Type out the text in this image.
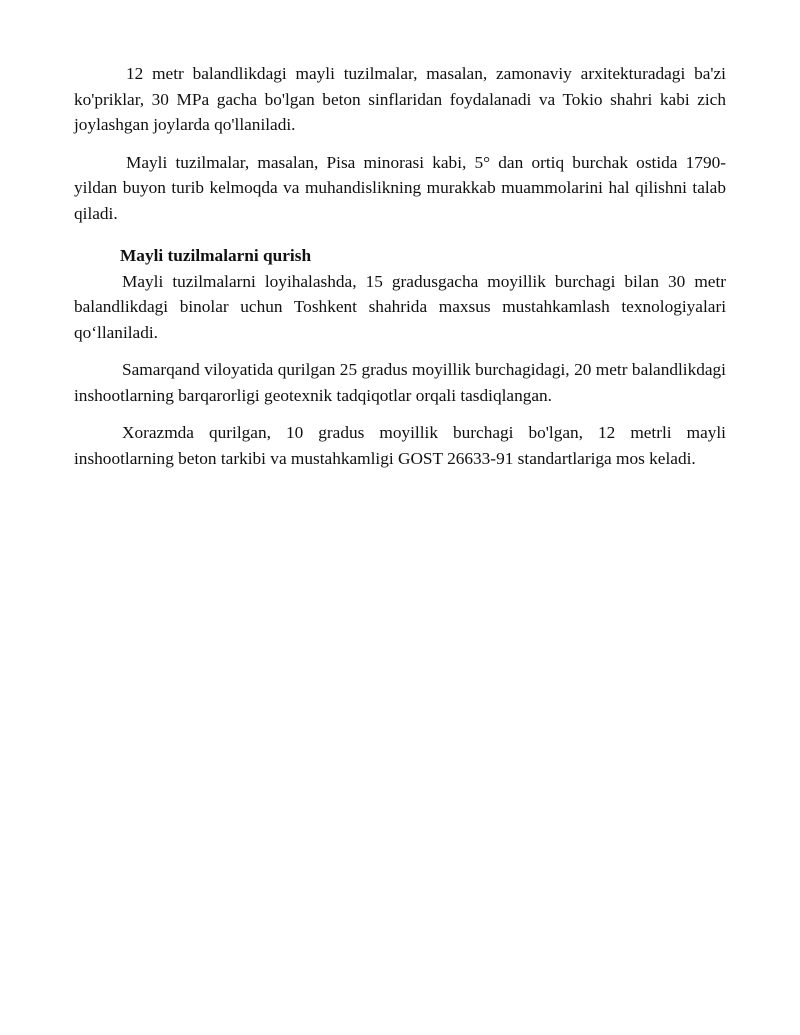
12 metr balandlikdagi mayli tuzilmalar, masalan, zamonaviy arxitekturadagi ba'zi ko'priklar, 30 MPa gacha bo'lgan beton sinflaridan foydalanadi va Tokio shahri kabi zich joylashgan joylarda qo'llaniladi.

Mayli tuzilmalar, masalan, Pisa minorasi kabi, 5° dan ortiq burchak ostida 1790-yildan buyon turib kelmoqda va muhandislikning murakkab muammolarini hal qilishni talab qiladi.

Mayli tuzilmalarni qurish

Mayli tuzilmalarni loyihalashda, 15 gradusgacha moyillik burchagi bilan 30 metr balandlikdagi binolar uchun Toshkent shahrida maxsus mustahkamlash texnologiyalari qo‘llaniladi.

Samarqand viloyatida qurilgan 25 gradus moyillik burchagidagi, 20 metr balandlikdagi inshootlarning barqarorligi geotexnik tadqiqotlar orqali tasdiqlangan.

Xorazmda qurilgan, 10 gradus moyillik burchagi bo'lgan, 12 metrli mayli inshootlarning beton tarkibi va mustahkamligi GOST 26633-91 standartlariga mos keladi.
